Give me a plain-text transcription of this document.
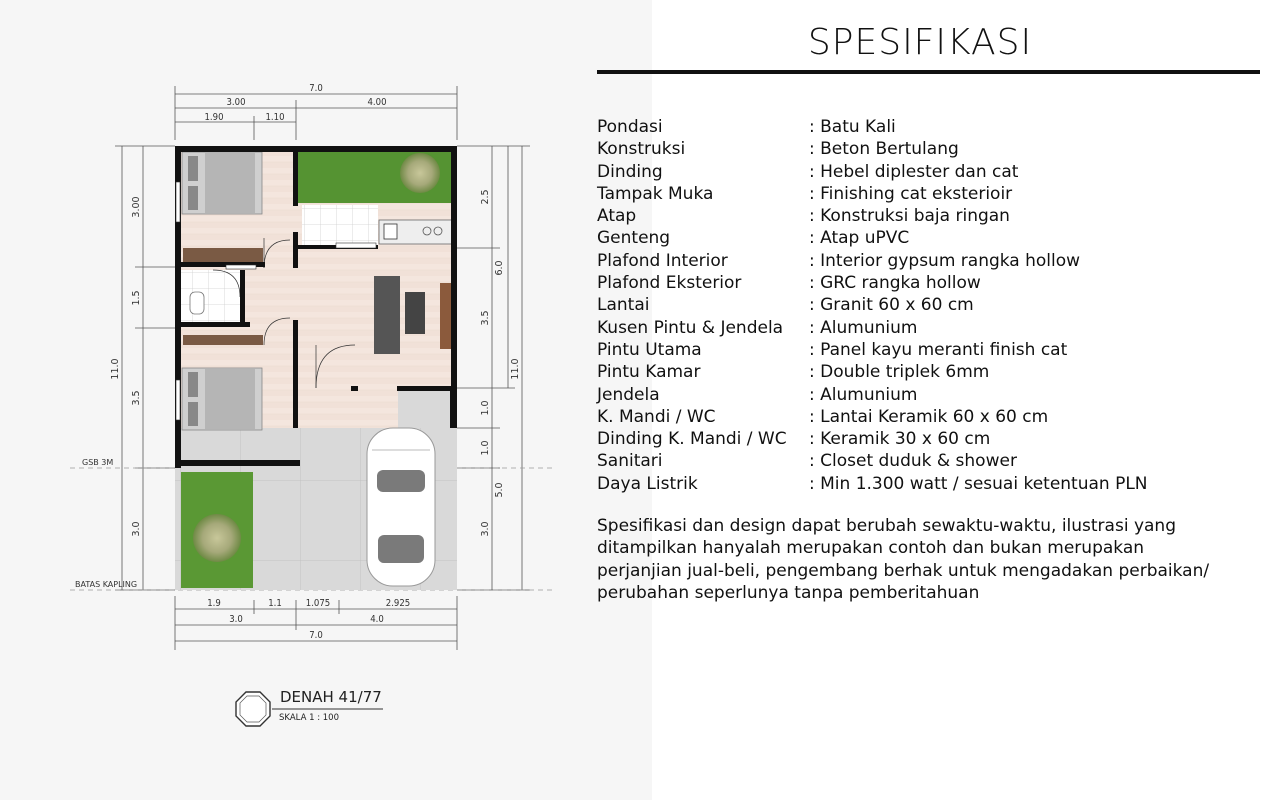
7.0
3.00	4.00
1.90	1.10
3.00
1.5
3.5
3.0
11.0
2.5
3.5
1.0
1.0
6.0
5.0
3.0
11.0
GSB 3M
BATAS KAPLING
1.9	1.1	1.075	2.925
3.0	4.0
7.0
DENAH 41/77
SKALA 1 : 100
SPESIFIKASI
Pondasi	: Batu Kali
Konstruksi	: Beton Bertulang
Dinding	: Hebel diplester dan cat
Tampak Muka	: Finishing cat eksterioir
Atap	: Konstruksi baja ringan
Genteng	: Atap uPVC
Plafond Interior	: Interior gypsum rangka hollow
Plafond Eksterior	: GRC rangka hollow
Lantai	: Granit 60 x 60 cm
Kusen Pintu & Jendela	: Alumunium
Pintu Utama	: Panel kayu meranti finish cat
Pintu Kamar	: Double triplek 6mm
Jendela	: Alumunium
K. Mandi / WC	: Lantai Keramik 60 x 60 cm
Dinding K. Mandi / WC	: Keramik 30 x 60 cm
Sanitari	: Closet duduk & shower
Daya Listrik	: Min 1.300 watt / sesuai ketentuan PLN
Spesifikasi dan design dapat berubah sewaktu-waktu, ilustrasi yang ditampilkan hanyalah merupakan contoh dan bukan merupakan perjanjian jual-beli, pengembang berhak untuk mengadakan perbaikan/ perubahan seperlunya tanpa pemberitahuan
